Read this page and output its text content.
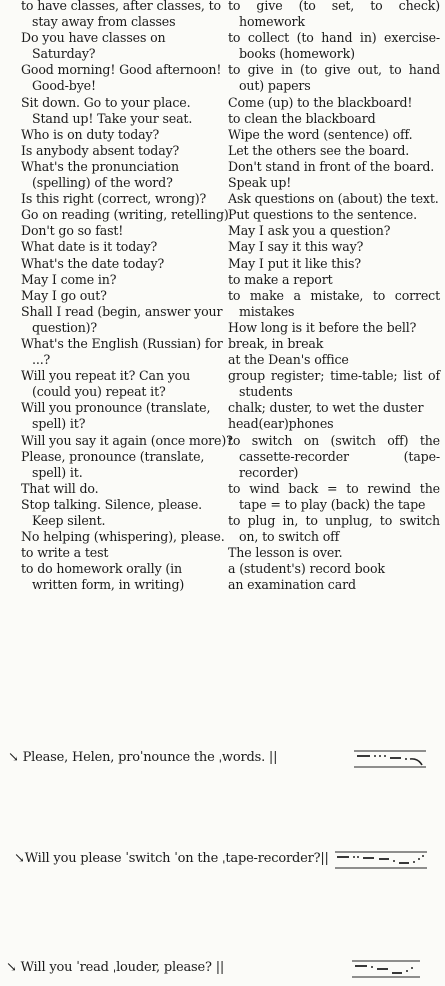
to have classes, after classes, to stay away from classes
Do you have classes on Saturday?
Good morning! Good afternoon! Good-bye!
Sit down. Go to your place. Stand up! Take your seat.
Who is on duty today?
Is anybody absent today?
What's the pronunciation (spelling) of the word?
Is this right (correct, wrong)?
Go on reading (writing, retelling)
Don't go so fast!
What date is it today?
What's the date today?
May I come in?
May I go out?
Shall I read (begin, answer your question)?
What's the English (Russian) for ...?
Will you repeat it? Can you (could you) repeat it?
Will you pronounce (translate, spell) it?
Will you say it again (once more)?
Please, pronounce (translate, spell) it.
That will do.
Stop talking. Silence, please. Keep silent.
No helping (whispering), please.
to write a test
to do homework orally (in written form, in writing)
to give (to set, to check) homework
to collect (to hand in) exercise-books (homework)
to give in (to give out, to hand out) papers
Come (up) to the blackboard!
to clean the blackboard
Wipe the word (sentence) off.
Let the others see the board.
Don't stand in front of the board.
Speak up!
Ask questions on (about) the text.
Put questions to the sentence.
May I ask you a question?
May I say it this way?
May I put it like this?
to make a report
to make a mistake, to correct mistakes
How long is it before the bell?
break, in break
at the Dean's office
group register; time-table; list of students
chalk; duster, to wet the duster
head(ear)phones
to switch on (switch off) the cassette-recorder (tape-recorder)
to wind back = to rewind the tape = to play (back) the tape
to plug in, to unplug, to switch on, to switch off
The lesson is over.
a (student's) record book
an examination card
↘ Please, Helen, proˈnounce the ˌwords. ||
↘Will you please ˈswitch ˈon the ˌtape-recorder?||
↘ Will you ˈread ˌlouder, please? ||
